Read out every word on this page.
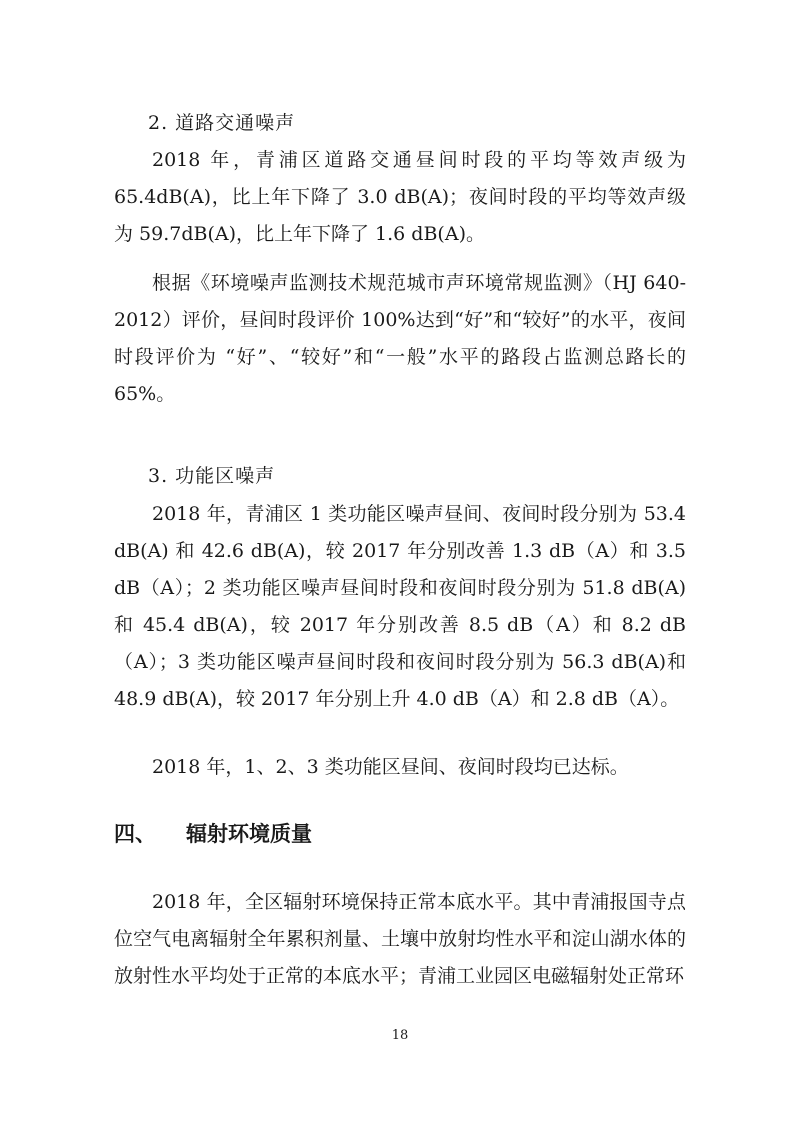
2. 道路交通噪声

2018 年，青浦区道路交通昼间时段的平均等效声级为 65.4dB(A)，比上年下降了 3.0 dB(A)；夜间时段的平均等效声级为 59.7dB(A)，比上年下降了 1.6 dB(A)。

根据《环境噪声监测技术规范城市声环境常规监测》（HJ 640-2012）评价，昼间时段评价 100%达到“好”和“较好”的水平，夜间时段评价为 “好”、“较好”和“一般”水平的路段占监测总路长的 65%。

3. 功能区噪声

2018 年，青浦区 1 类功能区噪声昼间、夜间时段分别为 53.4 dB(A) 和 42.6 dB(A)，较 2017 年分别改善 1.3 dB（A）和 3.5 dB（A）；2 类功能区噪声昼间时段和夜间时段分别为 51.8 dB(A) 和 45.4 dB(A)，较 2017 年分别改善 8.5 dB（A）和 8.2 dB（A）；3 类功能区噪声昼间时段和夜间时段分别为 56.3 dB(A)和 48.9 dB(A)，较 2017 年分别上升 4.0 dB（A）和 2.8 dB（A）。

2018 年，1、2、3 类功能区昼间、夜间时段均已达标。

四、 辐射环境质量

2018 年，全区辐射环境保持正常本底水平。其中青浦报国寺点位空气电离辐射全年累积剂量、土壤中放射均性水平和淀山湖水体的放射性水平均处于正常的本底水平；青浦工业园区电磁辐射处正常环

18
